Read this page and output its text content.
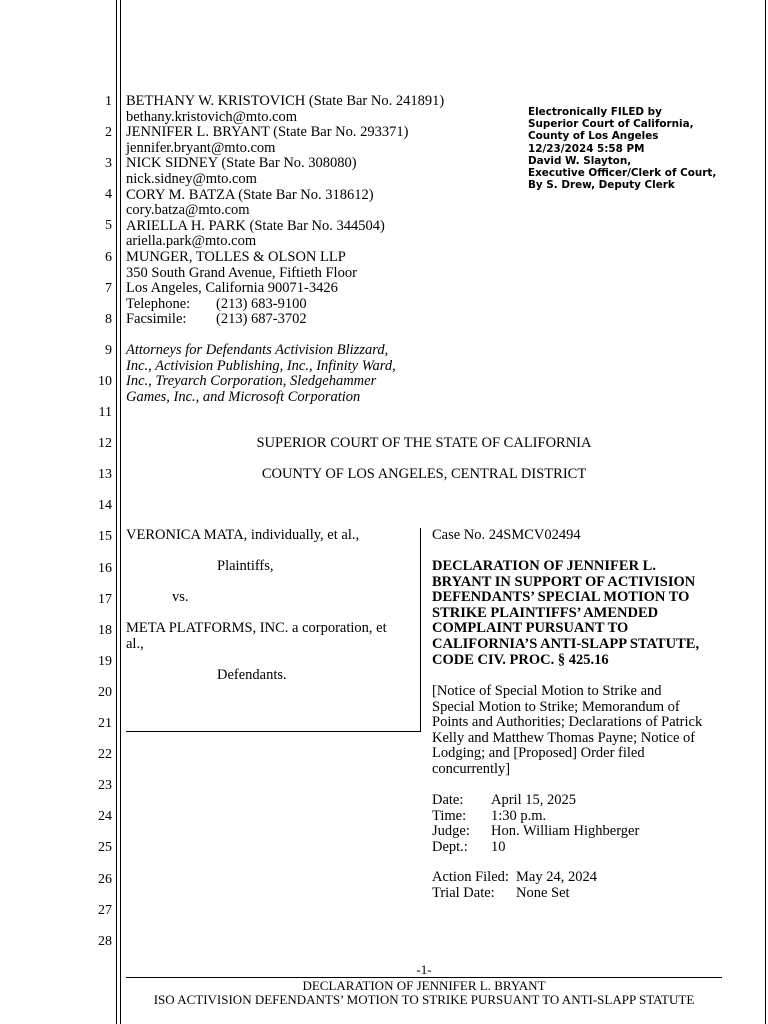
1
2
3
4
5
6
7
8
9
10
11
12
13
14
15
16
17
18
19
20
21
22
23
24
25
26
27
28
BETHANY W. KRISTOVICH (State Bar No. 241891)
bethany.kristovich@mto.com
JENNIFER L. BRYANT (State Bar No. 293371)
jennifer.bryant@mto.com
NICK SIDNEY (State Bar No. 308080)
nick.sidney@mto.com
CORY M. BATZA (State Bar No. 318612)
cory.batza@mto.com
ARIELLA H. PARK (State Bar No. 344504)
ariella.park@mto.com
MUNGER, TOLLES & OLSON LLP
350 South Grand Avenue, Fiftieth Floor
Los Angeles, California 90071-3426
Telephone:	(213) 683-9100
Facsimile:	(213) 687-3702
Attorneys for Defendants Activision Blizzard,
Inc., Activision Publishing, Inc., Infinity Ward,
Inc., Treyarch Corporation, Sledgehammer
Games, Inc., and Microsoft Corporation
Electronically FILED by
Superior Court of California,
County of Los Angeles
12/23/2024 5:58 PM
David W. Slayton,
Executive Officer/Clerk of Court,
By S. Drew, Deputy Clerk
SUPERIOR COURT OF THE STATE OF CALIFORNIA
COUNTY OF LOS ANGELES, CENTRAL DISTRICT
VERONICA MATA, individually, et al.,
Plaintiffs,
vs.
META PLATFORMS, INC. a corporation, et
al.,
Defendants.
Case No. 24SMCV02494
DECLARATION OF JENNIFER L.
BRYANT IN SUPPORT OF ACTIVISION
DEFENDANTS’ SPECIAL MOTION TO
STRIKE PLAINTIFFS’ AMENDED
COMPLAINT PURSUANT TO
CALIFORNIA’S ANTI-SLAPP STATUTE,
CODE CIV. PROC. § 425.16
[Notice of Special Motion to Strike and
Special Motion to Strike; Memorandum of
Points and Authorities; Declarations of Patrick
Kelly and Matthew Thomas Payne; Notice of
Lodging; and [Proposed] Order filed
concurrently]
Date:	April 15, 2025
Time:	1:30 p.m.
Judge:	Hon. William Highberger
Dept.:	10
Action Filed: May 24, 2024
Trial Date:	None Set
-1-
DECLARATION OF JENNIFER L. BRYANT
ISO ACTIVISION DEFENDANTS’ MOTION TO STRIKE PURSUANT TO ANTI-SLAPP STATUTE
